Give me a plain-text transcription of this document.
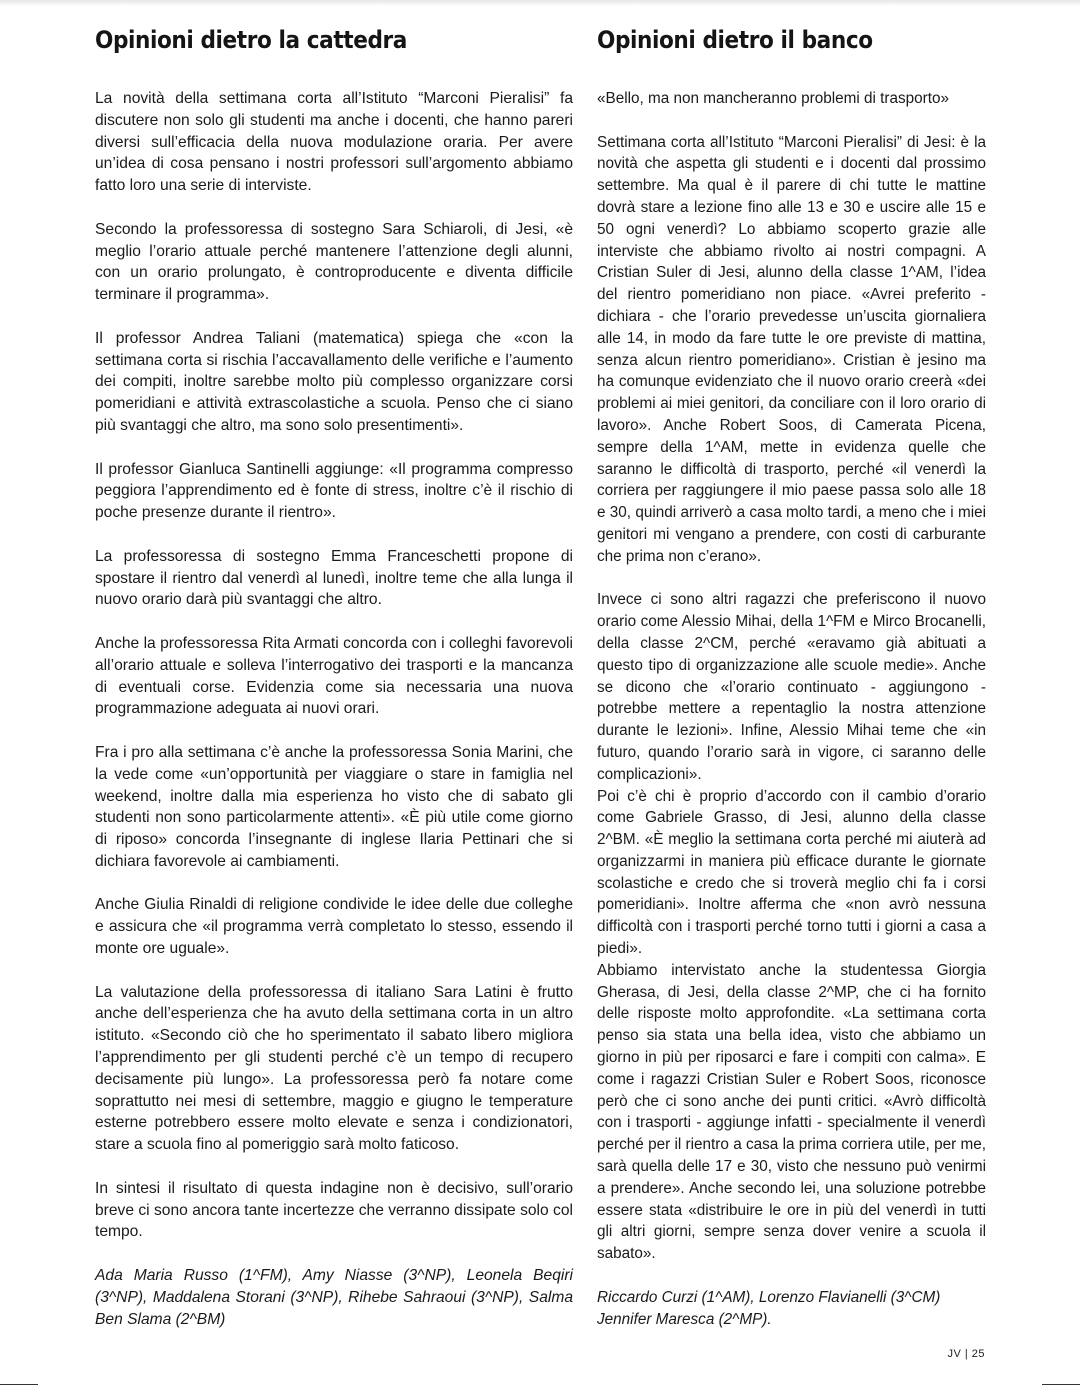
Opinioni dietro la cattedra

La novità della settimana corta all’Istituto “Marconi Pieralisi” fa discutere non solo gli studenti ma anche i docenti, che hanno pareri diversi sull’efficacia della nuova modulazione oraria. Per avere un’idea di cosa pensano i nostri professori sull’argomento abbiamo fatto loro una serie di interviste.

Secondo la professoressa di sostegno Sara Schiaroli, di Jesi, «è meglio l’orario attuale perché mantenere l’attenzione degli alunni, con un orario prolungato, è controproducente e diventa difficile terminare il programma».

Il professor Andrea Taliani (matematica) spiega che «con la settimana corta si rischia l’accavallamento delle verifiche e l’aumento dei compiti, inoltre sarebbe molto più complesso organizzare corsi pomeridiani e attività extrascolastiche a scuola. Penso che ci siano più svantaggi che altro, ma sono solo presentimenti».

Il professor Gianluca Santinelli aggiunge: «Il programma compresso peggiora l’apprendimento ed è fonte di stress, inoltre c’è il rischio di poche presenze durante il rientro».

La professoressa di sostegno Emma Franceschetti propone di spostare il rientro dal venerdì al lunedì, inoltre teme che alla lunga il nuovo orario darà più svantaggi che altro.

Anche la professoressa Rita Armati concorda con i colleghi favorevoli all’orario attuale e solleva l’interrogativo dei trasporti e la mancanza di eventuali corse. Evidenzia come sia necessaria una nuova programmazione adeguata ai nuovi orari.

Fra i pro alla settimana c’è anche la professoressa Sonia Marini, che la vede come «un’opportunità per viaggiare o stare in famiglia nel weekend, inoltre dalla mia esperienza ho visto che di sabato gli studenti non sono particolarmente attenti». «È più utile come giorno di riposo» concorda l’insegnante di inglese Ilaria Pettinari che si dichiara favorevole ai cambiamenti.

Anche Giulia Rinaldi di religione condivide le idee delle due colleghe e assicura che «il programma verrà completato lo stesso, essendo il monte ore uguale».

La valutazione della professoressa di italiano Sara Latini è frutto anche dell’esperienza che ha avuto della settimana corta in un altro istituto. «Secondo ciò che ho sperimentato il sabato libero migliora l’apprendimento per gli studenti perché c’è un tempo di recupero decisamente più lungo». La professoressa però fa notare come soprattutto nei mesi di settembre, maggio e giugno le temperature esterne potrebbero essere molto elevate e senza i condizionatori, stare a scuola fino al pomeriggio sarà molto faticoso.

In sintesi il risultato di questa indagine non è decisivo, sull’orario breve ci sono ancora tante incertezze che verranno dissipate solo col tempo.

Ada Maria Russo (1^FM), Amy Niasse (3^NP), Leonela Beqiri (3^NP), Maddalena Storani (3^NP), Rihebe Sahraoui (3^NP), Salma Ben Slama (2^BM)

Opinioni dietro il banco

«Bello, ma non mancheranno problemi di trasporto»

Settimana corta all’Istituto “Marconi Pieralisi” di Jesi: è la novità che aspetta gli studenti e i docenti dal prossimo settembre. Ma qual è il parere di chi tutte le mattine dovrà stare a lezione fino alle 13 e 30 e uscire alle 15 e 50 ogni venerdì? Lo abbiamo scoperto grazie alle interviste che abbiamo rivolto ai nostri compagni. A Cristian Suler di Jesi, alunno della classe 1^AM, l’idea del rientro pomeridiano non piace. «Avrei preferito - dichiara - che l’orario prevedesse un’uscita giornaliera alle 14, in modo da fare tutte le ore previste di mattina, senza alcun rientro pomeridiano». Cristian è jesino ma ha comunque evidenziato che il nuovo orario creerà «dei problemi ai miei genitori, da conciliare con il loro orario di lavoro». Anche Robert Soos, di Camerata Picena, sempre della 1^AM, mette in evidenza quelle che saranno le difficoltà di trasporto, perché «il venerdì la corriera per raggiungere il mio paese passa solo alle 18 e 30, quindi arriverò a casa molto tardi, a meno che i miei genitori mi vengano a prendere, con costi di carburante che prima non c’erano».

Invece ci sono altri ragazzi che preferiscono il nuovo orario come Alessio Mihai, della 1^FM e Mirco Brocanelli, della classe 2^CM, perché «eravamo già abituati a questo tipo di organizzazione alle scuole medie». Anche se dicono che «l’orario continuato - aggiungono - potrebbe mettere a repentaglio la nostra attenzione durante le lezioni». Infine, Alessio Mihai teme che «in futuro, quando l’orario sarà in vigore, ci saranno delle complicazioni».

Poi c’è chi è proprio d’accordo con il cambio d’orario come Gabriele Grasso, di Jesi, alunno della classe 2^BM. «È meglio la settimana corta perché mi aiuterà ad organizzarmi in maniera più efficace durante le giornate scolastiche e credo che si troverà meglio chi fa i corsi pomeridiani». Inoltre afferma che «non avrò nessuna difficoltà con i trasporti perché torno tutti i giorni a casa a piedi».

Abbiamo intervistato anche la studentessa Giorgia Gherasa, di Jesi, della classe 2^MP, che ci ha fornito delle risposte molto approfondite. «La settimana corta penso sia stata una bella idea, visto che abbiamo un giorno in più per riposarci e fare i compiti con calma». E come i ragazzi Cristian Suler e Robert Soos, riconosce però che ci sono anche dei punti critici. «Avrò difficoltà con i trasporti - aggiunge infatti - specialmente il venerdì perché per il rientro a casa la prima corriera utile, per me, sarà quella delle 17 e 30, visto che nessuno può venirmi a prendere». Anche secondo lei, una soluzione potrebbe essere stata «distribuire le ore in più del venerdì in tutti gli altri giorni, sempre senza dover venire a scuola il sabato».

Riccardo Curzi (1^AM), Lorenzo Flavianelli (3^CM)
Jennifer Maresca (2^MP).

JV | 25
